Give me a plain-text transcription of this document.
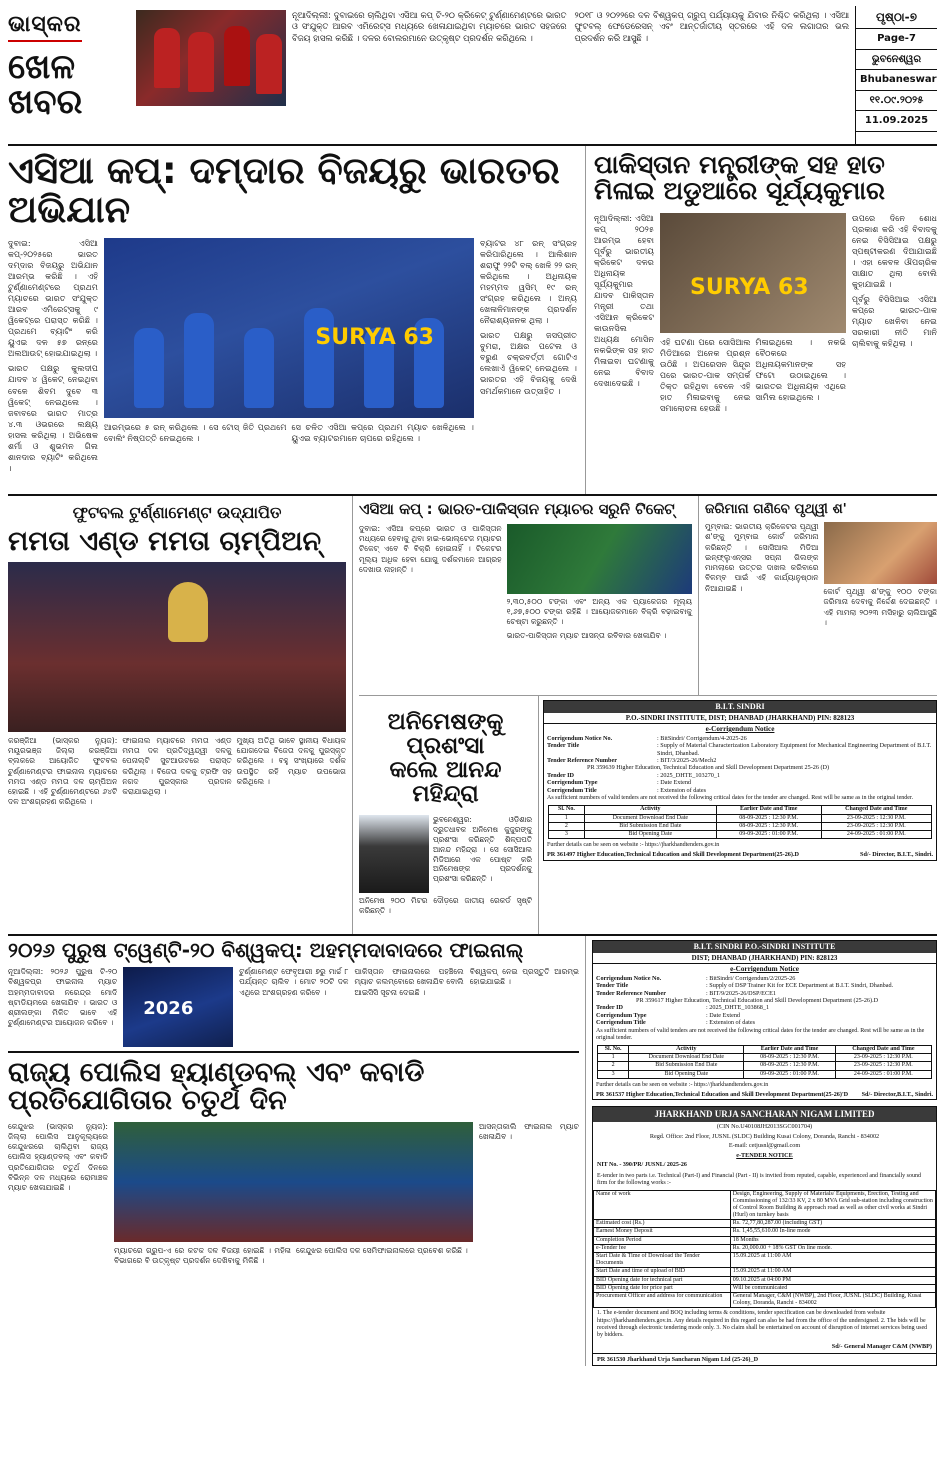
ଭାସ୍କର
ଖେଳ
ଖବର
ନୂଆଦିଲ୍ଲୀ: ଦୁବାଇରେ ଚାଲିଥିବା ଏସିଆ କପ୍ ଟି-୨୦ କ୍ରିକେଟ୍ ଟୁର୍ଣ୍ଣାମେଣ୍ଟରେ ଭାରତ ଓ ସଂଯୁକ୍ତ ଆରବ ଏମିରେଟ୍ସ ମଧ୍ୟରେ ଖେଳାଯାଇଥିବା ମ୍ୟାଚରେ ଭାରତ ସହଜରେ ବିଜୟ ହାସଲ କରିଛି । ଦଳର ବୋଲରମାନେ ଉତ୍କୃଷ୍ଟ ପ୍ରଦର୍ଶନ କରିଥିଲେ ।
୨୦୧୮ ଓ ୨୦୨୨ରେ ଦଳ ବିଶ୍ୱକପ୍ ଗ୍ରୁପ୍ ପର୍ଯ୍ୟାୟକୁ ଯିବାର ନିଶ୍ଚିତ କରିଥିଲା । ଏସିଆ ଫୁଟବଲ୍ ଫେଡେରେସନ୍ ଏବଂ ଆନ୍ତର୍ଜାତୀୟ ସ୍ତରରେ ଏହି ଦଳ ଲଗାତାର ଭଲ ପ୍ରଦର୍ଶନ କରି ଆସୁଛି ।
ପୃଷ୍ଠା-୭
Page-7
ଭୁବନେଶ୍ୱର
Bhubaneswar
୧୧.୦୯.୨୦୨୫
11.09.2025
ଏସିଆ କପ୍: ଦମ୍‌ଦାର ବିଜୟରୁ ଭାରତର ଅଭିଯାନ
ଦୁବାଇ: ଏସିଆ କପ୍-୨୦୨୫ରେ ଭାରତ ଦମ୍‌ଦାର ବିଜୟରୁ ଅଭିଯାନ ଆରମ୍ଭ କରିଛି । ଏହି ଟୁର୍ଣ୍ଣାମେଣ୍ଟରେ ପ୍ରଥମ ମ୍ୟାଚରେ ଭାରତ ସଂଯୁକ୍ତ ଆରବ ଏମିରେଟ୍ସକୁ ୯ ୱିକେଟ୍‌ରେ ପରାସ୍ତ କରିଛି । ପ୍ରଥମେ ବ୍ୟାଟିଂ କରି ୟୁଏଇ ଦଳ ୫୭ ରନ୍‌ରେ ଅଲଆଉଟ୍ ହୋଇଯାଇଥିଲା ।
ଭାରତ ପକ୍ଷରୁ କୁଲଦୀପ ଯାଦବ ୪ ୱିକେଟ୍ ନେଇଥିବା ବେଳେ ଶିବମ ଦୁବେ ୩ ୱିକେଟ୍ ନେଇଥିଲେ । ଜବାବରେ ଭାରତ ମାତ୍ର ୪.୩ ଓଭରରେ ଲକ୍ଷ୍ୟ ହାସଲ କରିଥିଲା । ଅଭିଷେକ ଶର୍ମା ଓ ଶୁଭମନ ଗିଲ ଶାନଦାର ବ୍ୟାଟିଂ କରିଥିଲେ ।
SURYA 63
ଆରମ୍ଭରେ ୫ ରନ୍ କରିଥିଲେ । ସେ ଟୋସ୍ ଜିତି ପ୍ରଥମେ ବୋଲିଂ ନିଷ୍ପତ୍ତି ନେଇଥିଲେ ।
ସେ ଚଳିତ ଏସିଆ କପ୍‌ରେ ପ୍ରଥମ ମ୍ୟାଚ ଖେଳିଥିଲେ । ୟୁଏଇ ବ୍ୟାଟରମାନେ ଚାପରେ ରହିଥିଲେ ।
ବ୍ୟାଟର ୪୮ ରନ୍ ସଂଗ୍ରହ କରିପାରିଥିଲେ । ଆଲିଶାନ ଶରାଫୁ ୨୨ଟି ବଲ୍ ଖେଳି ୨୨ ରନ୍ କରିଥିଲେ । ଅଧିନାୟକ ମହମ୍ମଦ ୱସିମ୍ ୧୯ ରନ୍ ସଂଗ୍ରହ କରିଥିଲେ । ଅନ୍ୟ ଖେଳାଳିମାନଙ୍କ ପ୍ରଦର୍ଶନ ନୈରାଶ୍ୟଜନକ ଥିଲା ।
ଭାରତ ପକ୍ଷରୁ ଜସପ୍ରୀତ ବୁମରା, ଅକ୍ଷର ପଟେଲ ଓ ବରୁଣ ଚକ୍ରବର୍ତ୍ତୀ ଗୋଟିଏ ଲେଖାଏଁ ୱିକେଟ୍ ନେଇଥିଲେ । ଭାରତର ଏହି ବିଜୟକୁ ଦେଖି ସମର୍ଥକମାନେ ଉତ୍ସାହିତ ।
ପାକିସ୍ତାନ ମନ୍ତ୍ରୀଙ୍କ ସହ ହାତ ମିଳାଇ ଅଡୁଆରେ ସୂର୍ଯ୍ୟକୁମାର
ନୂଆଦିଲ୍ଲୀ: ଏସିଆ କପ୍ ୨୦୨୫ ଆରମ୍ଭ ହେବା ପୂର୍ବରୁ ଭାରତୀୟ କ୍ରିକେଟ ଦଳର ଅଧିନାୟକ ସୂର୍ଯ୍ୟକୁମାର ଯାଦବ ପାକିସ୍ତାନ ମନ୍ତ୍ରୀ ତଥା ଏସିଆନ କ୍ରିକେଟ କାଉନସିଲ ଅଧ୍ୟକ୍ଷ ମୋସିନ ନକଭିଙ୍କ ସହ ହାତ ମିଳାଇବା ଘଟଣାକୁ ନେଇ ବିବାଦ ଦେଖାଦେଇଛି ।
SURYA 63
ଏହି ଘଟଣା ପରେ ସୋସିଆଲ ମିଡିଆରେ ଅନେକ ପ୍ରଶ୍ନ ଉଠିଛି । ଅପରେସନ ସିନ୍ଦୂର ପରେ ଭାରତ-ପାକ ସମ୍ପର୍କ ତିକ୍ତ ରହିଥିବା ବେଳେ ଏହି ହାତ ମିଳାଇବାକୁ ନେଇ ସମାଲୋଚନା ହେଉଛି ।
ମିଳାଇଥିଲେ । ନକଭି ବୈଠକରେ ଅଧିନାୟକମାନଙ୍କ ସହ ଫଟୋ ଉଠାଇଥିଲେ । ଭାରତର ଅଧିନାୟକ ଏଥିରେ ସାମିଲ ହୋଇଥିଲେ ।
ଉପରେ ଦିନେ ଶୋଧ ପ୍ରକାଶ କରି ଏହି ବିବାଦକୁ ନେଇ ବିସିସିଆଇ ପକ୍ଷରୁ ସ୍ପଷ୍ଟୀକରଣ ଦିଆଯାଇଛି । ଏହା କେବଳ ଔପଚାରିକ ସାକ୍ଷାତ ଥିଲା ବୋଲି କୁହାଯାଇଛି ।
ପୂର୍ବରୁ ବିସିସିଆଇ ଏସିଆ କପ୍‌ରେ ଭାରତ-ପାକ ମ୍ୟାଚ ଖେଳିବା ନେଇ ସରକାରୀ ନୀତି ମାନି ଚାଲିବାକୁ କହିଥିଲା ।
ଫୁଟବଲ ଟୁର୍ଣ୍ଣାମେଣ୍ଟ ଉଦ୍‌ଯାପିତ
ମମତା ଏଣ୍ଡ ମମତା ଚାମ୍ପିଅନ୍
କରଞ୍ଜିଆ (ଭାସ୍କର ନ୍ୟୁଜ): ମୟୂରଭଞ୍ଜ ଜିଲ୍ଲା କରଞ୍ଜିଆ ବ୍ଲକରେ ଆୟୋଜିତ ଫୁଟବଲ ଟୁର୍ଣ୍ଣାମେଣ୍ଟର ଫାଇନାଲ ମ୍ୟାଚରେ ମମତା ଏଣ୍ଡ ମମତା ଦଳ ଚାମ୍ପିଅନ ହୋଇଛି । ଏହି ଟୁର୍ଣ୍ଣାମେଣ୍ଟରେ ୬୪ଟି ଦଳ ଅଂଶଗ୍ରହଣ କରିଥିଲେ ।
ଫାଇନାଲ ମ୍ୟାଚରେ ମମତା ଏଣ୍ଡ ମମତା ଦଳ ପ୍ରତିଦ୍ୱନ୍ଦ୍ୱୀ ଦଳକୁ ପେନାଲ୍ଟି ସୁଟଆଉଟରେ ପରାସ୍ତ କରିଥିଲା । ବିଜେତା ଦଳକୁ ଟ୍ରଫି ସହ ନଗଦ ପୁରସ୍କାର ପ୍ରଦାନ କରାଯାଇଥିଲା ।
ମୁଖ୍ୟ ଅତିଥି ଭାବେ ସ୍ଥାନୀୟ ବିଧାୟକ ଯୋଗଦେଇ ବିଜେତା ଦଳକୁ ପୁରସ୍କୃତ କରିଥିଲେ । ବହୁ ସଂଖ୍ୟାରେ ଦର୍ଶକ ଉପସ୍ଥିତ ରହି ମ୍ୟାଚ ଉପଭୋଗ କରିଥିଲେ ।
ଏସିଆ କପ୍ : ଭାରତ-ପାକିସ୍ତାନ ମ୍ୟାଚର ସରୁନି ଟିକେଟ୍
ଦୁବାଇ: ଏସିଆ କପ୍‌ରେ ଭାରତ ଓ ପାକିସ୍ତାନ ମଧ୍ୟରେ ହେବାକୁ ଥିବା ହାଇ-ଭୋଲ୍ଟେଜ ମ୍ୟାଚର ଟିକେଟ୍ ଏବେ ବି ବିକ୍ରି ହୋଇନାହିଁ । ଟିକେଟର ମୂଲ୍ୟ ଅଧିକ ହେବା ଯୋଗୁ ଦର୍ଶକମାନେ ଆଗ୍ରହ ଦେଖାଉ ନାହାନ୍ତି ।
୨,୩୦,୫୦୦ ଟଙ୍କା ଏବଂ ଅନ୍ୟ ଏକ ପ୍ୟାକେଜର ମୂଲ୍ୟ ୧,୬୭,୫୦୦ ଟଙ୍କା ରହିଛି । ଆୟୋଜକମାନେ ବିକ୍ରି ବଢ଼ାଇବାକୁ ଚେଷ୍ଟା କରୁଛନ୍ତି ।
ଭାରତ-ପାକିସ୍ତାନ ମ୍ୟାଚ ଆସନ୍ତା ରବିବାର ଖେଳାଯିବ ।
ଜରିମାନା ଗଣିବେ ପୃଥ୍ୱୀ ଶ'
ମୁମ୍ବାଇ: ଭାରତୀୟ କ୍ରିକେଟର ପୃଥ୍ୱୀ ଶ'ଙ୍କୁ ମୁମ୍ବାଇ କୋର୍ଟ ଜରିମାନା କରିଛନ୍ତି । ସୋସିଆଲ ମିଡିଆ ଇନ୍‌ଫ୍ଲୁଏନ୍ସର ସପ୍ନା ଗିଲଙ୍କ ମାମଲାରେ ଉତ୍ତର ଦାଖଲ କରିବାରେ ବିଳମ୍ବ ପାଇଁ ଏହି କାର୍ଯ୍ୟାନୁଷ୍ଠାନ ନିଆଯାଇଛି ।	କୋର୍ଟ ପୃଥ୍ୱୀ ଶ'ଙ୍କୁ ୧୦୦ ଟଙ୍କା ଜରିମାନା ଦେବାକୁ ନିର୍ଦ୍ଦେଶ ଦେଇଛନ୍ତି । ଏହି ମାମଲା ୨୦୨୩ ମସିହାରୁ ଚାଲିଆସୁଛି ।
ଅନିମେଷଙ୍କୁ ପ୍ରଶଂସା
କଲେ ଆନନ୍ଦ ମହିନ୍ଦ୍ରା
ଭୁବନେଶ୍ୱର: ଓଡ଼ିଶାର ଦ୍ରୁତଧାବକ ଅନିମେଷ କୁଜୁରଙ୍କୁ ପ୍ରଶଂସା କରିଛନ୍ତି ଶିଳ୍ପପତି ଆନନ୍ଦ ମହିନ୍ଦ୍ରା । ସେ ସୋସିଆଲ ମିଡିଆରେ ଏକ ପୋଷ୍ଟ କରି ଅନିମେଷଙ୍କ ପ୍ରଦର୍ଶନକୁ ପ୍ରଶଂସା କରିଛନ୍ତି ।
ଅନିମେଷ ୨୦୦ ମିଟର ଦୌଡ଼ରେ ଜାତୀୟ ରେକର୍ଡ ସୃଷ୍ଟି କରିଛନ୍ତି ।
B.I.T. SINDRI
P.O.-SINDRI INSTITUTE, DIST; DHANBAD (JHARKHAND) PIN: 828123
e-Corrigendum Notice
Corrigendum Notice No.	: BitSindri/ Corrigendum/4-2025-26
Tender Title	: Supply of Material Characterization Laboratory Equipment for Mechanical Engineering Department of B.I.T. Sindri, Dhanbad.
Tender Reference Number	: BIT/3/2025-26/Mech2
PR 359639 Higher Education, Technical Education and Skill Development Department 25-26 (D)
Tender ID	: 2025_DHTE_103270_1
Corrigendum Type	: Date Extend
Corrigendum Title	: Extension of dates
As sufficient numbers of valid tenders are not received the following critical dates for the tender are changed. Rest will be same as in the original tender.
Sl. No.	Activity	Earlier Date and Time	Changed Date and Time
1	Document Download End Date	08-09-2025 : 12:30 P.M.	23-09-2025 : 12:30 P.M.
2	Bid Submission End Date	08-09-2025 : 12:30 P.M.	23-09-2025 : 12:30 P.M.
3	Bid Opening Date	09-09-2025 : 01:00 P.M.	24-09-2025 : 01:00 P.M.
Further details can be seen on website :- https://jharkhandtenders.gov.in
PR 361497 Higher Education,Technical Education and Skill Development Department(25-26).D	Sd/- Director, B.I.T., Sindri.
୨୦୨୬ ପୁରୁଷ ଟ୍ୱେଣ୍ଟି-୨୦ ବିଶ୍ୱକପ୍: ଅହମ୍ମଦାବାଦରେ ଫାଇନାଲ୍
ନୂଆଦିଲ୍ଲୀ: ୨୦୨୬ ପୁରୁଷ ଟି-୨୦ ବିଶ୍ୱକପ୍‌ର ଫାଇନାଲ ମ୍ୟାଚ ଅହମ୍ମଦାବାଦର ନରେନ୍ଦ୍ର ମୋଦି ଷ୍ଟାଡିୟମରେ ଖେଳାଯିବ । ଭାରତ ଓ ଶ୍ରୀଲଙ୍କା ମିଳିତ ଭାବେ ଏହି ଟୁର୍ଣ୍ଣାମେଣ୍ଟର ଆୟୋଜନ କରିବେ ।
2026
ଟୁର୍ଣ୍ଣାମେଣ୍ଟ ଫେବୃଆରୀ ୭ରୁ ମାର୍ଚ୍ଚ ୮ ପର୍ଯ୍ୟନ୍ତ ଚାଲିବ । ମୋଟ ୨୦ଟି ଦଳ ଏଥିରେ ଅଂଶଗ୍ରହଣ କରିବେ ।
ପାକିସ୍ତାନ ଫାଇନାଲରେ ପହଞ୍ଚିଲେ ମ୍ୟାଚ କଲମ୍ବୋରେ ଖେଳାଯିବ ବୋଲି ଆଇସିସି ସୂଚନା ଦେଇଛି ।
ବିଶ୍ୱକପ୍ ନେଇ ପ୍ରସ୍ତୁତି ଆରମ୍ଭ ହୋଇଯାଇଛି ।
ରାଜ୍ୟ ପୋଲିସ ହ୍ୟାଣ୍ଡବଲ୍ ଏବଂ କବାଡି ପ୍ରତିଯୋଗିତାର ଚତୁର୍ଥ ଦିନ
କେନ୍ଦୁଝର (ଭାସ୍କର ନ୍ୟୁଜ): ଜିଲ୍ଲା ପୋଲିସ ଆନୁକୂଲ୍ୟରେ କେନ୍ଦୁଝରରେ ଚାଲିଥିବା ରାଜ୍ୟ ପୋଲିସ ହ୍ୟାଣ୍ଡବଲ୍ ଏବଂ କବାଡି ପ୍ରତିଯୋଗିତାର ଚତୁର୍ଥ ଦିନରେ ବିଭିନ୍ନ ଦଳ ମଧ୍ୟରେ ରୋମାଞ୍ଚକ ମ୍ୟାଚ ଖେଳାଯାଇଛି ।
ମ୍ୟାଚରେ ଗ୍ରୁପ-ଏ ରେ କଟକ ଦଳ ବିଜୟୀ ହୋଇଛି । ମହିଳା ବିଭାଗରେ ବି ଉତ୍କୃଷ୍ଟ ପ୍ରଦର୍ଶନ ଦେଖିବାକୁ ମିଳିଛି ।
କେନ୍ଦୁଝର ପୋଲିସ ଦଳ ସେମିଫାଇନାଲରେ ପ୍ରବେଶ କରିଛି ।
ଆସନ୍ତାକାଲି ଫାଇନାଲ ମ୍ୟାଚ ଖେଳାଯିବ ।
B.I.T. SINDRI P.O.-SINDRI INSTITUTE
DIST; DHANBAD (JHARKHAND) PIN: 828123
e-Corrigendum Notice
Corrigendum Notice No.	: BitSindri/ Corrigendum/2/2025-26
Tender Title	: Supply of DSP Trainer Kit for ECE Department at B.I.T. Sindri, Dhanbad.
Tender Reference Number	: BIT/9/2025-26/DSP/ECE1
PR 359617 Higher Education, Technical Education and Skill Development Department (25-26).D
Tender ID	: 2025_DHTE_103868_1
Corrigendum Type	: Date Extend
Corrigendum Title	: Extension of dates
As sufficient numbers of valid tenders are not received the following critical dates for the tender are changed. Rest will be same as in the original tender.
Sl. No.	Activity	Earlier Date and Time	Changed Date and Time
1	Document Download End Date	08-09-2025 : 12:30 P.M.	23-09-2025 : 12:30 P.M.
2	Bid Submission End Date	08-09-2025 : 12:30 P.M.	23-09-2025 : 12:30 P.M.
3	Bid Opening Date	09-09-2025 : 01:00 P.M.	24-09-2025 : 01:00 P.M.
Further details can be seen on website :- https://jharkhandtenders.gov.in
PR 361537 Higher Education,Technical Education and Skill Development Department(25-26)'D Sd/- Director,B.I.T., Sindri.
JHARKHAND URJA SANCHARAN NIGAM LIMITED
(CIN No.U40108JH2013SGC001704)
Regd. Office: 2nd Floor, JUSNL (SLDC) Building Kusai Colony, Doranda, Ranchi - 834002
E-mail: cetjusnl@gmail.com
e-TENDER NOTICE
NIT No. - 390/PR/ JUSNL/ 2025-26
E-tender in two parts i.e. Technical (Part-I) and Financial (Part - II) is invited from reputed, capable, experienced and financially sound firm for the following works :-
Name of work	Design, Engineering, Supply of Materials/ Equipments, Erection, Testing and Commissioning of 132/33 KV, 2 x 80 MVA Grid sub-station including construction of Control Room Building & approach road as well as other civil works at Sindri (Hurl) on turnkey basis
Estimated cost (Rs.)	Rs. 72,77,80,287.00 (including GST)
Earnest Money Deposit	Rs. 1,45,55,610.00 In-line mode
Completion Period	18 Months
e-Tender fee	Rs. 20,000.00 + 18% GST On line mode.
Start Date & Time of Download the Tender Documents	15.09.2025 at 11:00 AM
Start Date and time of upload of BID	15.09.2025 at 11:00 AM
BID Opening date for technical part	09.10.2025 at 04:00 PM
BID Opening date for price part	Will be communicated
Procurement Officer and address for communication	General Manager, C&M (NWBP), 2nd Floor, JUSNL (SLDC) Building, Kusai Colony, Doranda, Ranchi - 834002
1. The e-tender document and BOQ including terms & conditions, tender specification can be downloaded from website https://jharkhandtenders.gov.in. Any details required in this regard can also be had from the office of the undersigned. 2. The bids will be received through electronic tendering mode only. 3. No claim shall be entertained on account of disruption of internet services being used by bidders.
Sd/- General Manager C&M (NWBP)
PR 361530 Jharkhand Urja Sancharan Nigam Ltd (25-26)_D
